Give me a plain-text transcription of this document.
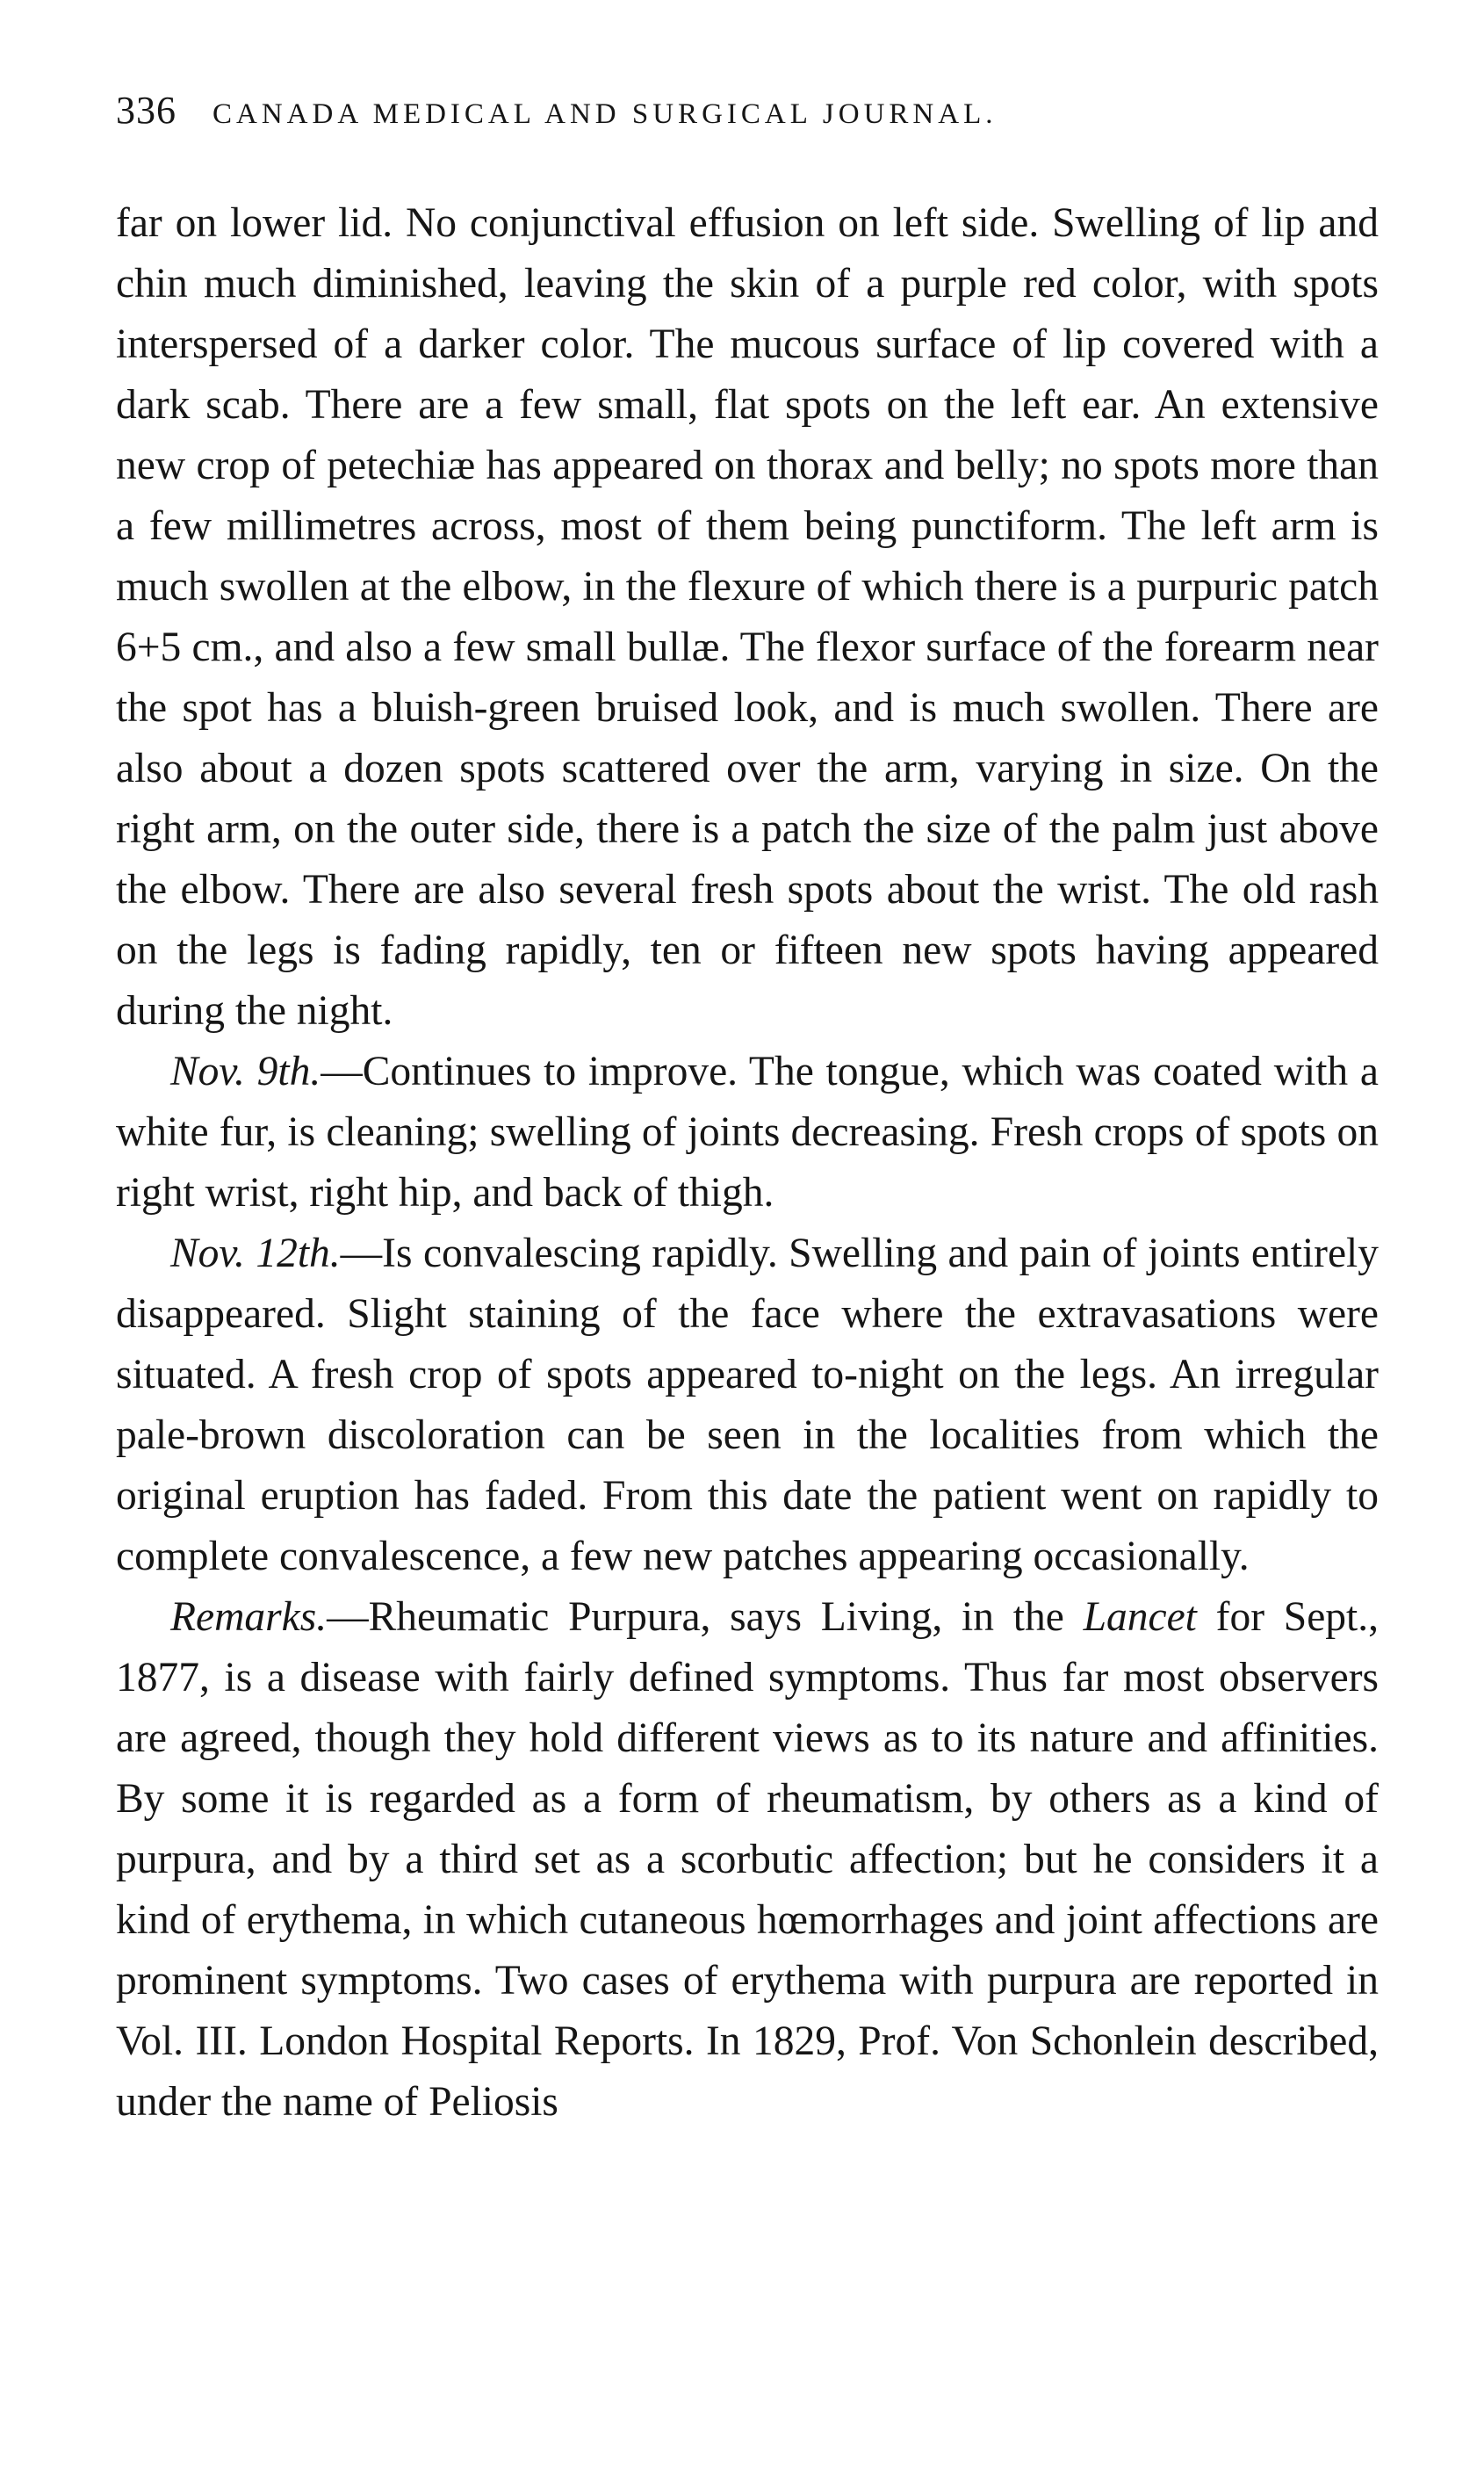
336	CANADA MEDICAL AND SURGICAL JOURNAL.

far on lower lid. No conjunctival effusion on left side. Swelling of lip and chin much diminished, leaving the skin of a purple red color, with spots interspersed of a darker color. The mucous surface of lip covered with a dark scab. There are a few small, flat spots on the left ear. An extensive new crop of petechiæ has appeared on thorax and belly; no spots more than a few millimetres across, most of them being punctiform. The left arm is much swollen at the elbow, in the flexure of which there is a purpuric patch 6+5 cm., and also a few small bullæ. The flexor surface of the forearm near the spot has a bluish-green bruised look, and is much swollen. There are also about a dozen spots scattered over the arm, varying in size. On the right arm, on the outer side, there is a patch the size of the palm just above the elbow. There are also several fresh spots about the wrist. The old rash on the legs is fading rapidly, ten or fifteen new spots having appeared during the night.

Nov. 9th.—Continues to improve. The tongue, which was coated with a white fur, is cleaning; swelling of joints decreasing. Fresh crops of spots on right wrist, right hip, and back of thigh.

Nov. 12th.—Is convalescing rapidly. Swelling and pain of joints entirely disappeared. Slight staining of the face where the extravasations were situated. A fresh crop of spots appeared to-night on the legs. An irregular pale-brown discoloration can be seen in the localities from which the original eruption has faded. From this date the patient went on rapidly to complete convalescence, a few new patches appearing occasionally.

Remarks.—Rheumatic Purpura, says Living, in the Lancet for Sept., 1877, is a disease with fairly defined symptoms. Thus far most observers are agreed, though they hold different views as to its nature and affinities. By some it is regarded as a form of rheumatism, by others as a kind of purpura, and by a third set as a scorbutic affection; but he considers it a kind of erythema, in which cutaneous hœmorrhages and joint affections are prominent symptoms. Two cases of erythema with purpura are reported in Vol. III. London Hospital Reports. In 1829, Prof. Von Schonlein described, under the name of Peliosis
